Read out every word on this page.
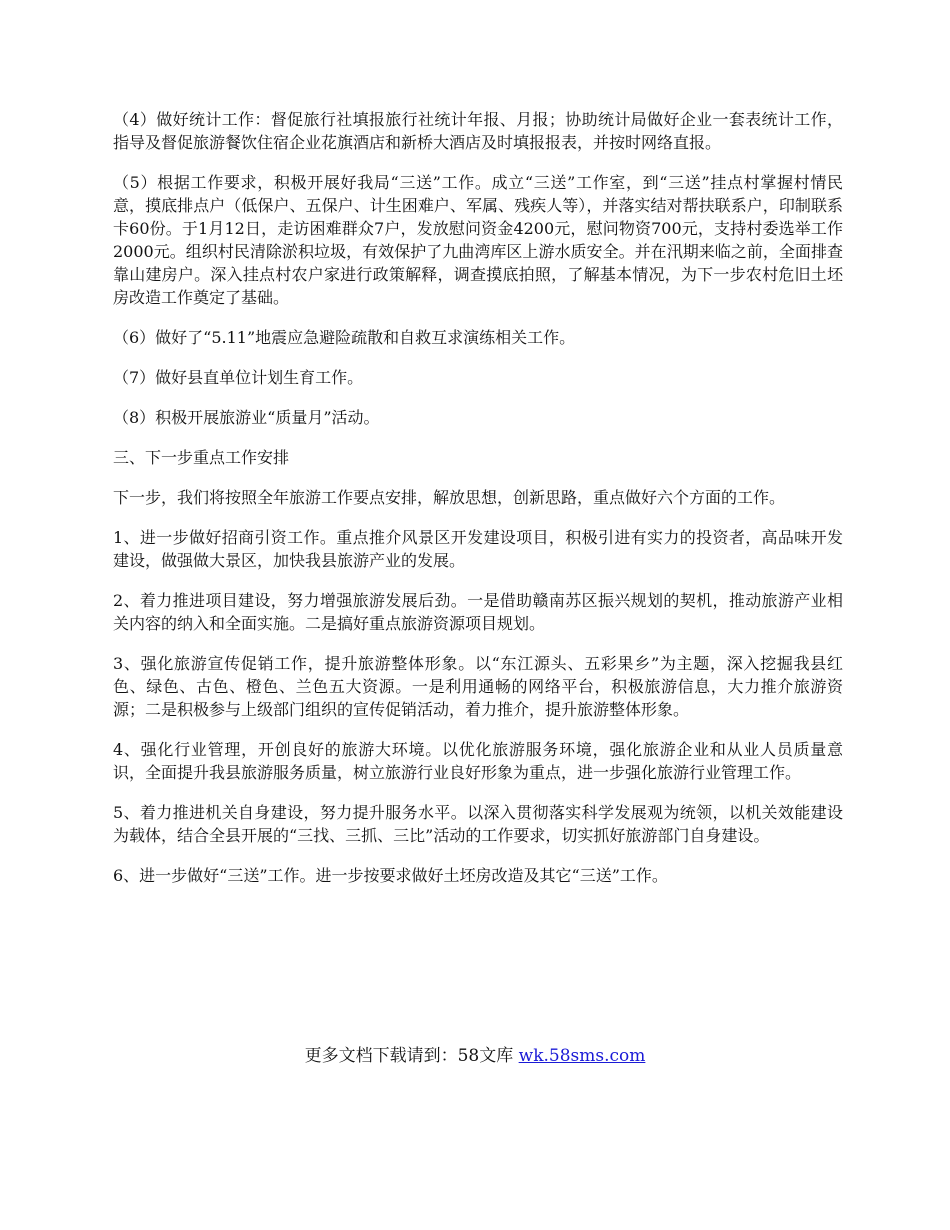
（4）做好统计工作：督促旅行社填报旅行社统计年报、月报；协助统计局做好企业一套表统计工作，指导及督促旅游餐饮住宿企业花旗酒店和新桥大酒店及时填报报表，并按时网络直报。

（5）根据工作要求，积极开展好我局“三送”工作。成立“三送”工作室，到“三送”挂点村掌握村情民意，摸底排点户（低保户、五保户、计生困难户、军属、残疾人等），并落实结对帮扶联系户，印制联系卡60份。于1月12日，走访困难群众7户，发放慰问资金4200元，慰问物资700元，支持村委选举工作2000元。组织村民清除淤积垃圾，有效保护了九曲湾库区上游水质安全。并在汛期来临之前，全面排查靠山建房户。深入挂点村农户家进行政策解释，调查摸底拍照，了解基本情况，为下一步农村危旧土坯房改造工作奠定了基础。

（6）做好了“5.11”地震应急避险疏散和自救互求演练相关工作。

（7）做好县直单位计划生育工作。

（8）积极开展旅游业“质量月”活动。

三、下一步重点工作安排

下一步，我们将按照全年旅游工作要点安排，解放思想，创新思路，重点做好六个方面的工作。

1、进一步做好招商引资工作。重点推介风景区开发建设项目，积极引进有实力的投资者，高品味开发建设，做强做大景区，加快我县旅游产业的发展。

2、着力推进项目建设，努力增强旅游发展后劲。一是借助赣南苏区振兴规划的契机，推动旅游产业相关内容的纳入和全面实施。二是搞好重点旅游资源项目规划。

3、强化旅游宣传促销工作，提升旅游整体形象。以“东江源头、五彩果乡”为主题，深入挖掘我县红色、绿色、古色、橙色、兰色五大资源。一是利用通畅的网络平台，积极旅游信息，大力推介旅游资源；二是积极参与上级部门组织的宣传促销活动，着力推介，提升旅游整体形象。

4、强化行业管理，开创良好的旅游大环境。以优化旅游服务环境，强化旅游企业和从业人员质量意识，全面提升我县旅游服务质量，树立旅游行业良好形象为重点，进一步强化旅游行业管理工作。

5、着力推进机关自身建设，努力提升服务水平。以深入贯彻落实科学发展观为统领，以机关效能建设为载体，结合全县开展的“三找、三抓、三比”活动的工作要求，切实抓好旅游部门自身建设。

6、进一步做好“三送”工作。进一步按要求做好土坯房改造及其它“三送”工作。

更多文档下载请到：58文库 wk.58sms.com
